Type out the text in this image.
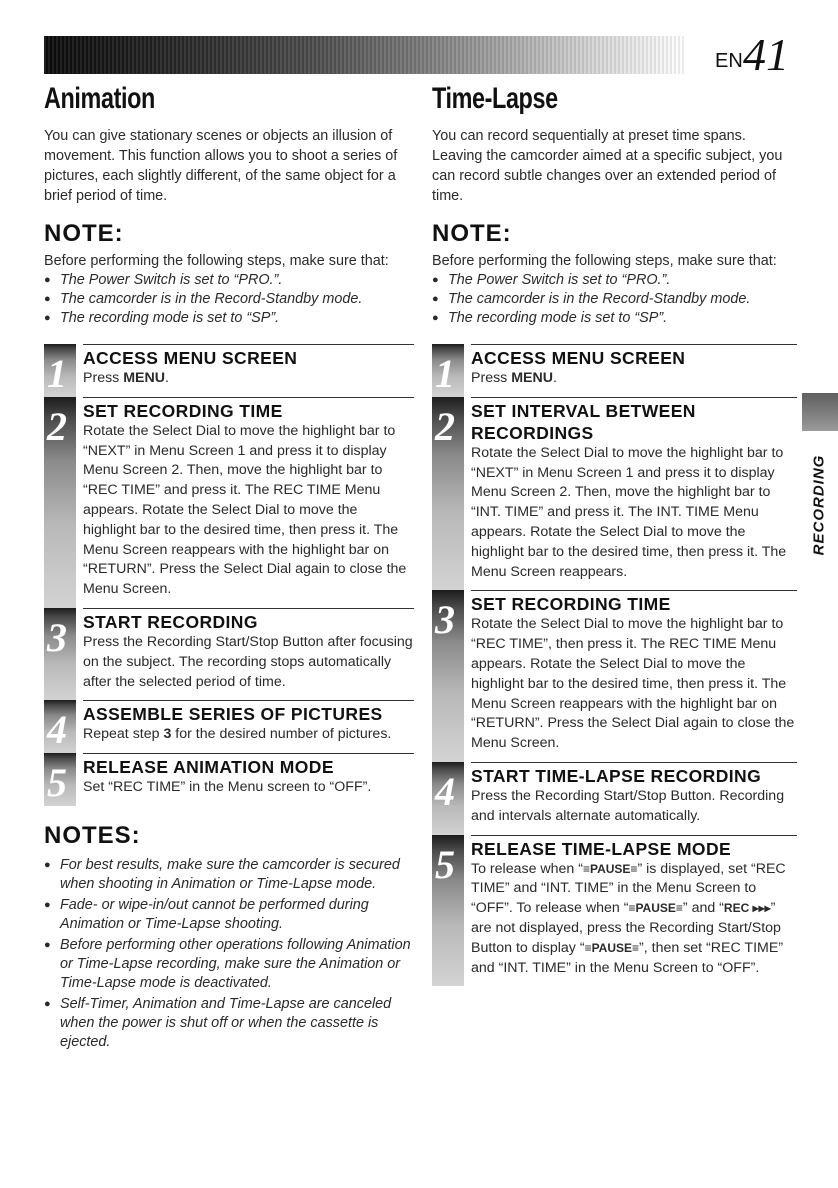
EN 41
RECORDING
Animation

You can give stationary scenes or objects an illusion of movement. This function allows you to shoot a series of pictures, each slightly different, of the same object for a brief period of time.

NOTE:

Before performing the following steps, make sure that:

● The Power Switch is set to “PRO.”.

● The camcorder is in the Record-Standby mode.

● The recording mode is set to “SP”.

1 ACCESS MENU SCREEN

Press MENU.

2 SET RECORDING TIME

Rotate the Select Dial to move the highlight bar to “NEXT” in Menu Screen 1 and press it to display Menu Screen 2. Then, move the highlight bar to “REC TIME” and press it. The REC TIME Menu appears. Rotate the Select Dial to move the highlight bar to the desired time, then press it. The Menu Screen reappears with the highlight bar on “RETURN”. Press the Select Dial again to close the Menu Screen.

3 START RECORDING

Press the Recording Start/Stop Button after focusing on the subject. The recording stops automatically after the selected period of time.

4 ASSEMBLE SERIES OF PICTURES

Repeat step 3 for the desired number of pictures.

5 RELEASE ANIMATION MODE

Set “REC TIME” in the Menu screen to “OFF”.

NOTES:

● For best results, make sure the camcorder is secured when shooting in Animation or Time-Lapse mode.

● Fade- or wipe-in/out cannot be performed during Animation or Time-Lapse shooting.

● Before performing other operations following Animation or Time-Lapse recording, make sure the Animation or Time-Lapse mode is deactivated.

● Self-Timer, Animation and Time-Lapse are canceled when the power is shut off or when the cassette is ejected.

Time-Lapse

You can record sequentially at preset time spans. Leaving the camcorder aimed at a specific subject, you can record subtle changes over an extended period of time.

NOTE:

Before performing the following steps, make sure that:

● The Power Switch is set to “PRO.”.

● The camcorder is in the Record-Standby mode.

● The recording mode is set to “SP”.

1 ACCESS MENU SCREEN

Press MENU.

2 SET INTERVAL BETWEEN RECORDINGS

Rotate the Select Dial to move the highlight bar to “NEXT” in Menu Screen 1 and press it to display Menu Screen 2. Then, move the highlight bar to “INT. TIME” and press it. The INT. TIME Menu appears. Rotate the Select Dial to move the highlight bar to the desired time, then press it. The Menu Screen reappears.

3 SET RECORDING TIME

Rotate the Select Dial to move the highlight bar to “REC TIME”, then press it. The REC TIME Menu appears. Rotate the Select Dial to move the highlight bar to the desired time, then press it. The Menu Screen reappears with the highlight bar on “RETURN”. Press the Select Dial again to close the Menu Screen.

4 START TIME-LAPSE RECORDING

Press the Recording Start/Stop Button. Recording and intervals alternate automatically.

5 RELEASE TIME-LAPSE MODE

To release when “≡PAUSE≡” is displayed, set “REC TIME” and “INT. TIME” in the Menu Screen to “OFF”. To release when “≡PAUSE≡” and “REC ▸▸▸” are not displayed, press the Recording Start/Stop Button to display “≡PAUSE≡”, then set “REC TIME” and “INT. TIME” in the Menu Screen to “OFF”.
